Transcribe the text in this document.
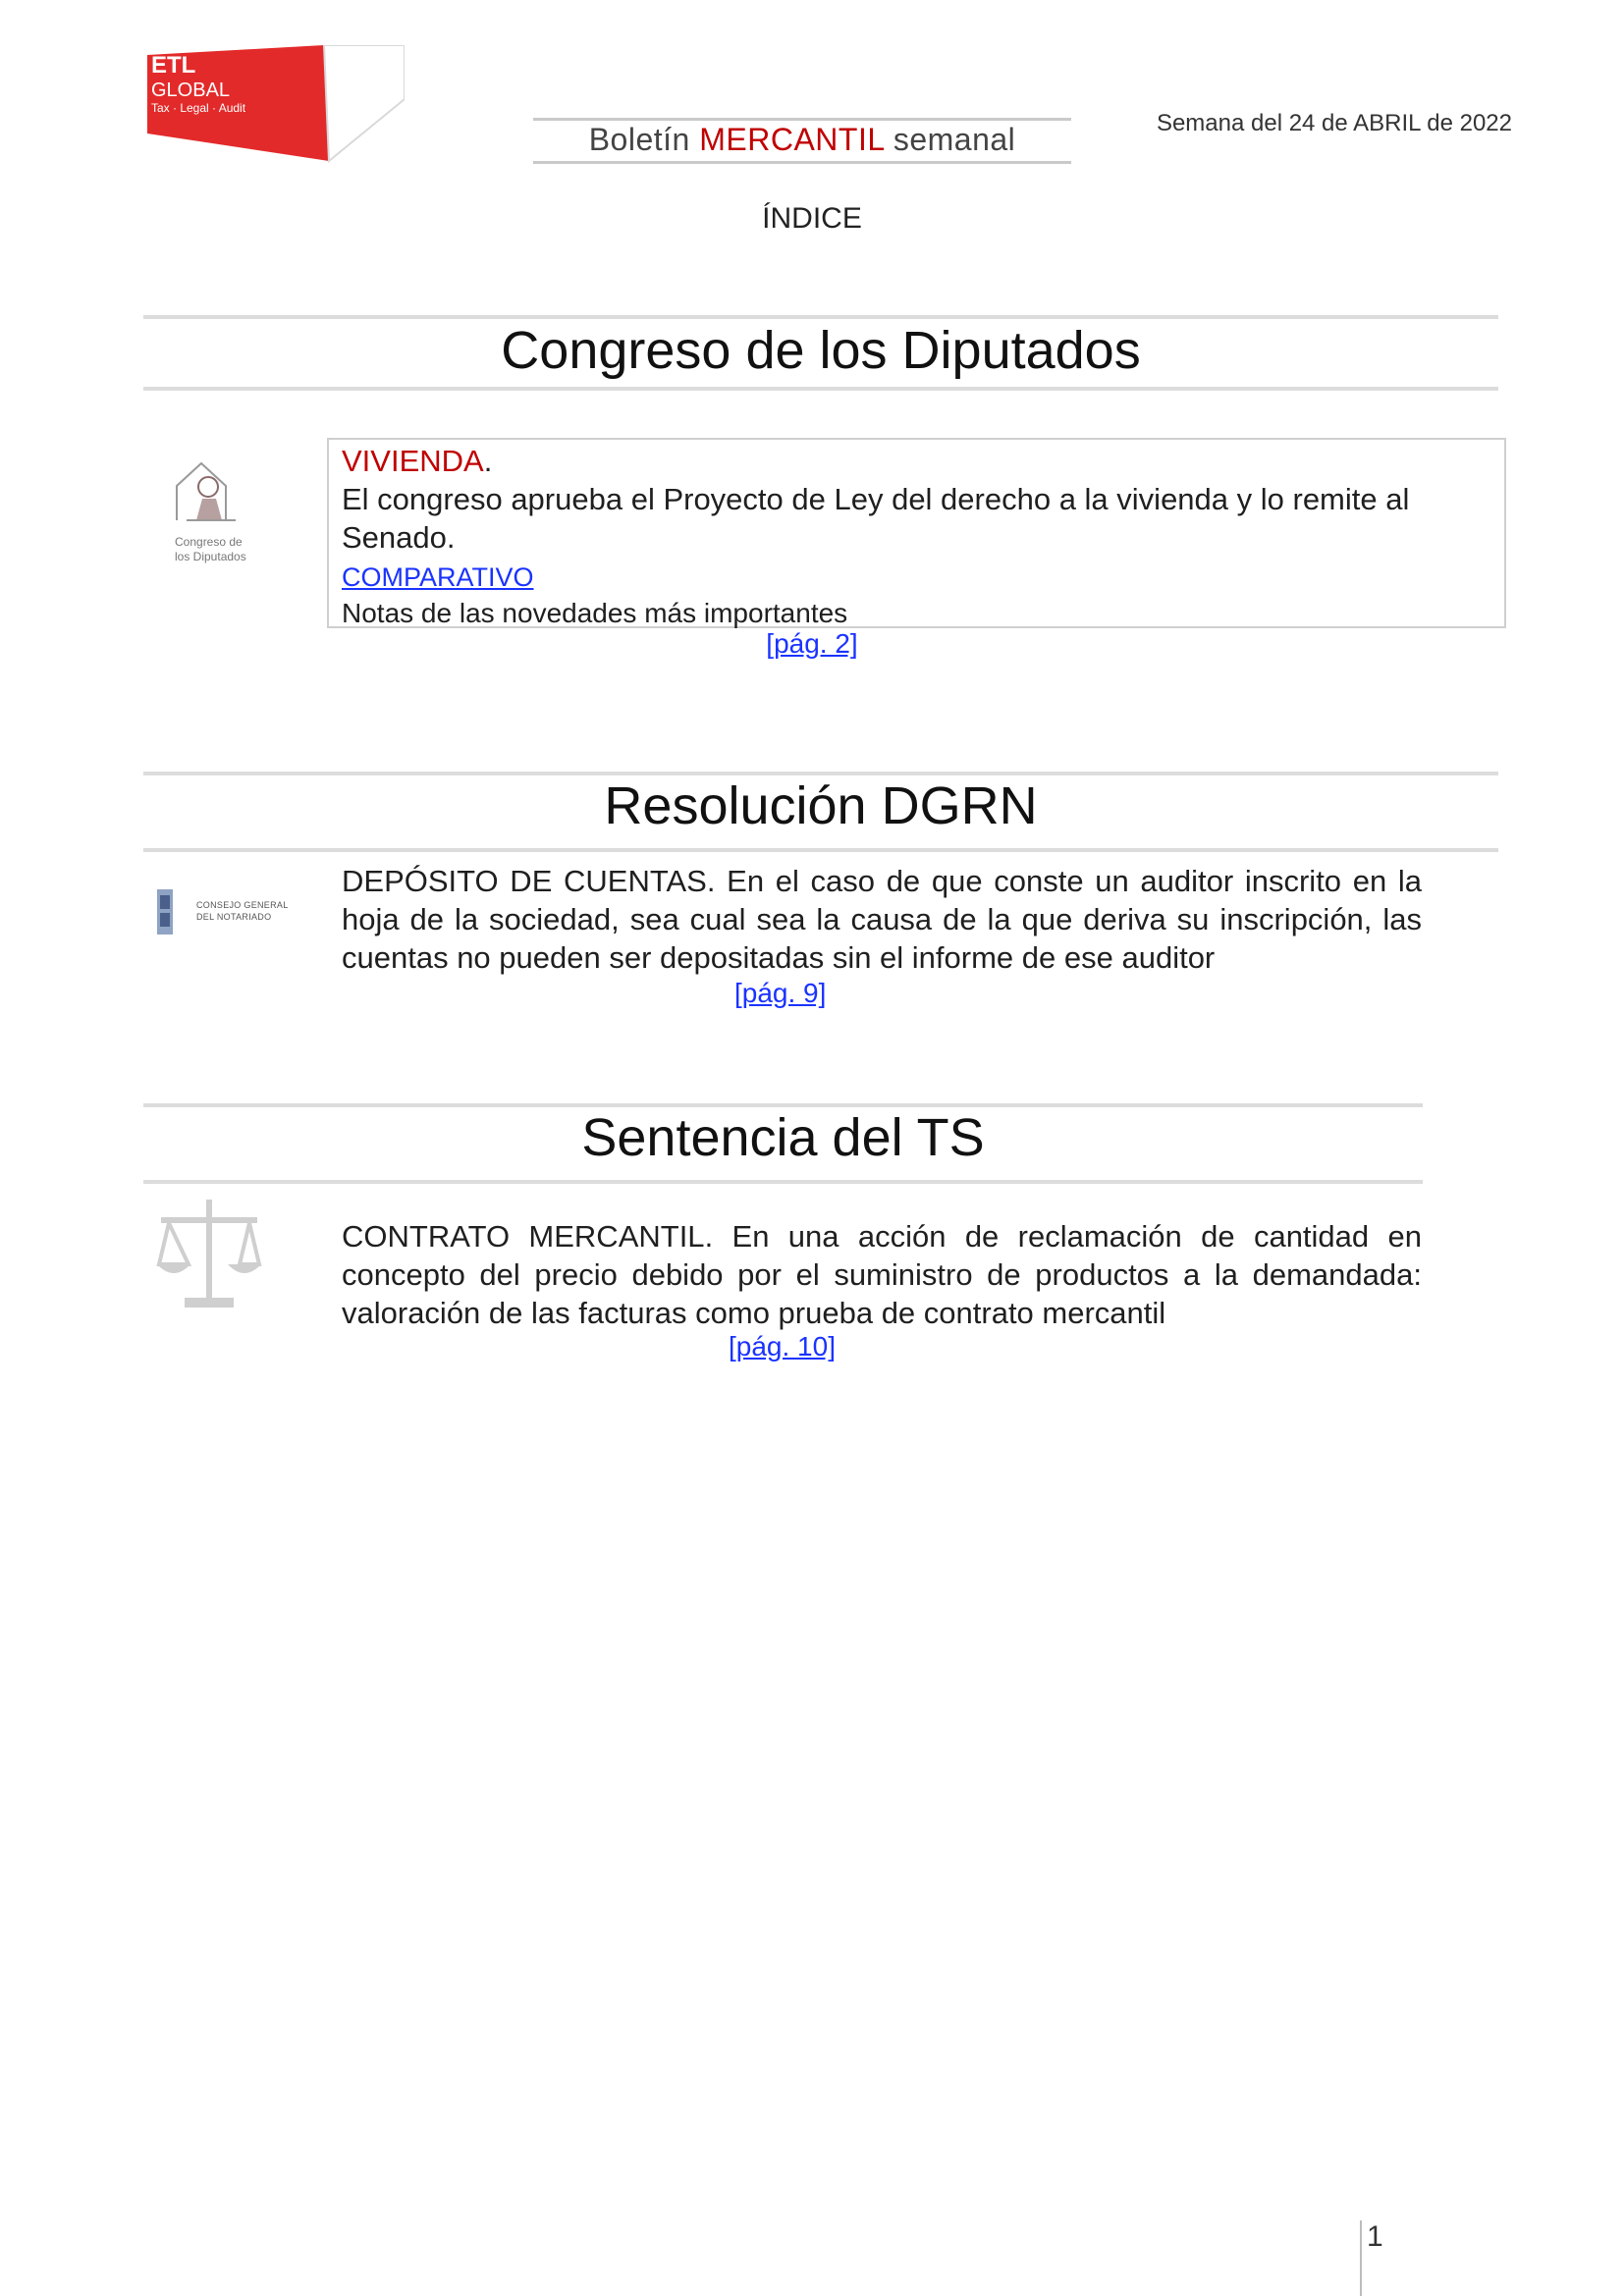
ETL
GLOBAL
Tax · Legal · Audit
Boletín MERCANTIL semanal	Semana del 24 de ABRIL de 2022
ÍNDICE
Congreso de los Diputados
Congreso de
los Diputados
VIVIENDA.
El congreso aprueba el Proyecto de Ley del derecho a la vivienda y lo remite al Senado.
COMPARATIVO
Notas de las novedades más importantes
[pág. 2]
Resolución DGRN
CONSEJO GENERAL
DEL NOTARIADO
DEPÓSITO DE CUENTAS. En el caso de que conste un auditor inscrito en la hoja de la sociedad, sea cual sea la causa de la que deriva su inscripción, las cuentas no pueden ser depositadas sin el informe de ese auditor
[pág. 9]
Sentencia del TS
CONTRATO MERCANTIL. En una acción de reclamación de cantidad en concepto del precio debido por el suministro de productos a la demandada: valoración de las facturas como prueba de contrato mercantil
[pág. 10]
1
